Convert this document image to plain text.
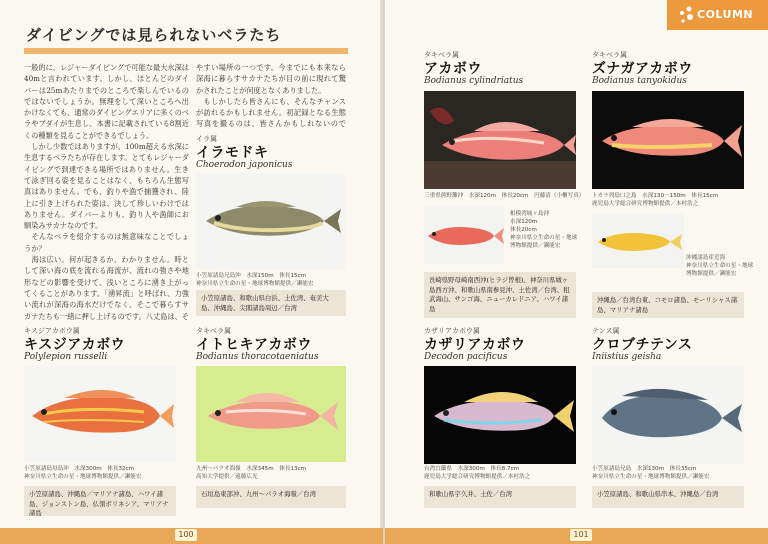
ダイビングでは見られないベラたち

一般的に、レジャーダイビングで可能な最大水深は40mと言われています。しかし、ほとんどのダイバーは25mあたりまでのところで楽しんでいるのではないでしょうか。無理をして深いところへ出かけなくても、通常のダイビングエリアに多くのベラやブダイが生息し、本書に記載されている8割近くの種類を見ることができるでしょう。
　しかし少数ではありますが、100m超える水深に生息するベラたちが存在します。とてもレジャーダイビングで到達できる場所ではありません。生きて泳ぎ回る姿を見ることはなく、もちろん生態写真はありません。でも、釣りや漁で捕獲され、陸上に引き上げられた姿は、決して珍しいわけではありません。ダイバーよりも、釣り人や漁師にお馴染みサカナなのです。
　そんなベラを紹介するのは無意味なことでしょうか？
　海は広い。何が起きるか、わかりません。時として深い海の底を流れる海流が、流れの強さや地形などの影響を受けて、浅いところに湧き上がってくることがあります。「湧昇流」と呼ばれ、力強い流れが深海の海水だけでなく、そこで暮らすサカナたちも一緒に押し上げるのです。八丈島は、そ

やすい場所の一つです。今までにも本来なら深海に暮らすサカナたちが目の前に現れて驚かされたことが何度となくありました。
　もしかしたら皆さんにも、そんなチャンスが訪れるかもしれません。初記録となる生態写真を撮るのは、皆さんかもしれないので

イラ属
イラモドキ
Choerodon japonicus
小笠原諸島兄島沖　水深150m　体長15cm
神奈川県立生命の星・地球博物館提供／瀬能宏
小笠原諸島、和歌山県白浜、土佐湾、奄美大島、沖縄島、尖閣諸島周辺／台湾
キスジアカボウ属
キスジアカボウ
Polylepion russelli
小笠原諸島母島沖　水深300m　体長32cm
神奈川県立生命の星・地球博物館提供／瀬能宏
小笠原諸島、沖縄島／マリアナ諸島、ハワイ諸島、ジョンストン島、仏領ポリネシア、マリアナ諸島
タキベラ属
イトヒキアカボウ
Bodianus thoracotaeniatus
九州～パラオ海嶺　水深345m　体長13cm
高知大学提供／遠藤広光
石垣島東部沖、九州～パラオ海嶺／台湾
COLUMN
タキベラ属
アカボウ
Bodianus cylindriatus
三重県熊野灘沖　水深120m　体長20cm　円藤清（小櫃写真）
相模湾城ヶ島沖
水深120m
体長20cm
神奈川県立生命の星・地球博物館提供／瀬能宏
長崎県野母崎南西沖(ヒラジ曽根)、神奈川県城ヶ島西方沖、和歌山県南参見沖、土佐湾／台湾、租武海山、サンゴ海、ニューカレドニア、ハワイ諸島
タキベラ属
ズナガアカボウ
Bodianus tanyokidus
トカラ列島口之島　水深130～150m　体長15cm
鹿児島大学総合研究博物館提供／本村浩之
沖縄諸島産近海
神奈川県立生命の星・地球博物館提供／瀬能宏
沖縄島／台湾台東、コモロ諸島、モーリシャス諸島、マリアナ諸島
カザリアカボウ属
カザリアカボウ
Decodon pacificus
台湾宜蘭県　水深300m　体長8.7cm
鹿児島大学総合研究博物館提供／本村浩之
和歌山県宇久井、土佐／台湾
テンス属
クロブチテンス
Iniistius geisha
小笠原諸島兄島　水深130m　体長35cm
神奈川県立生命の星・地球博物館提供／瀬能宏
小笠原諸島、和歌山県串本、沖縄島／台湾
100	101
